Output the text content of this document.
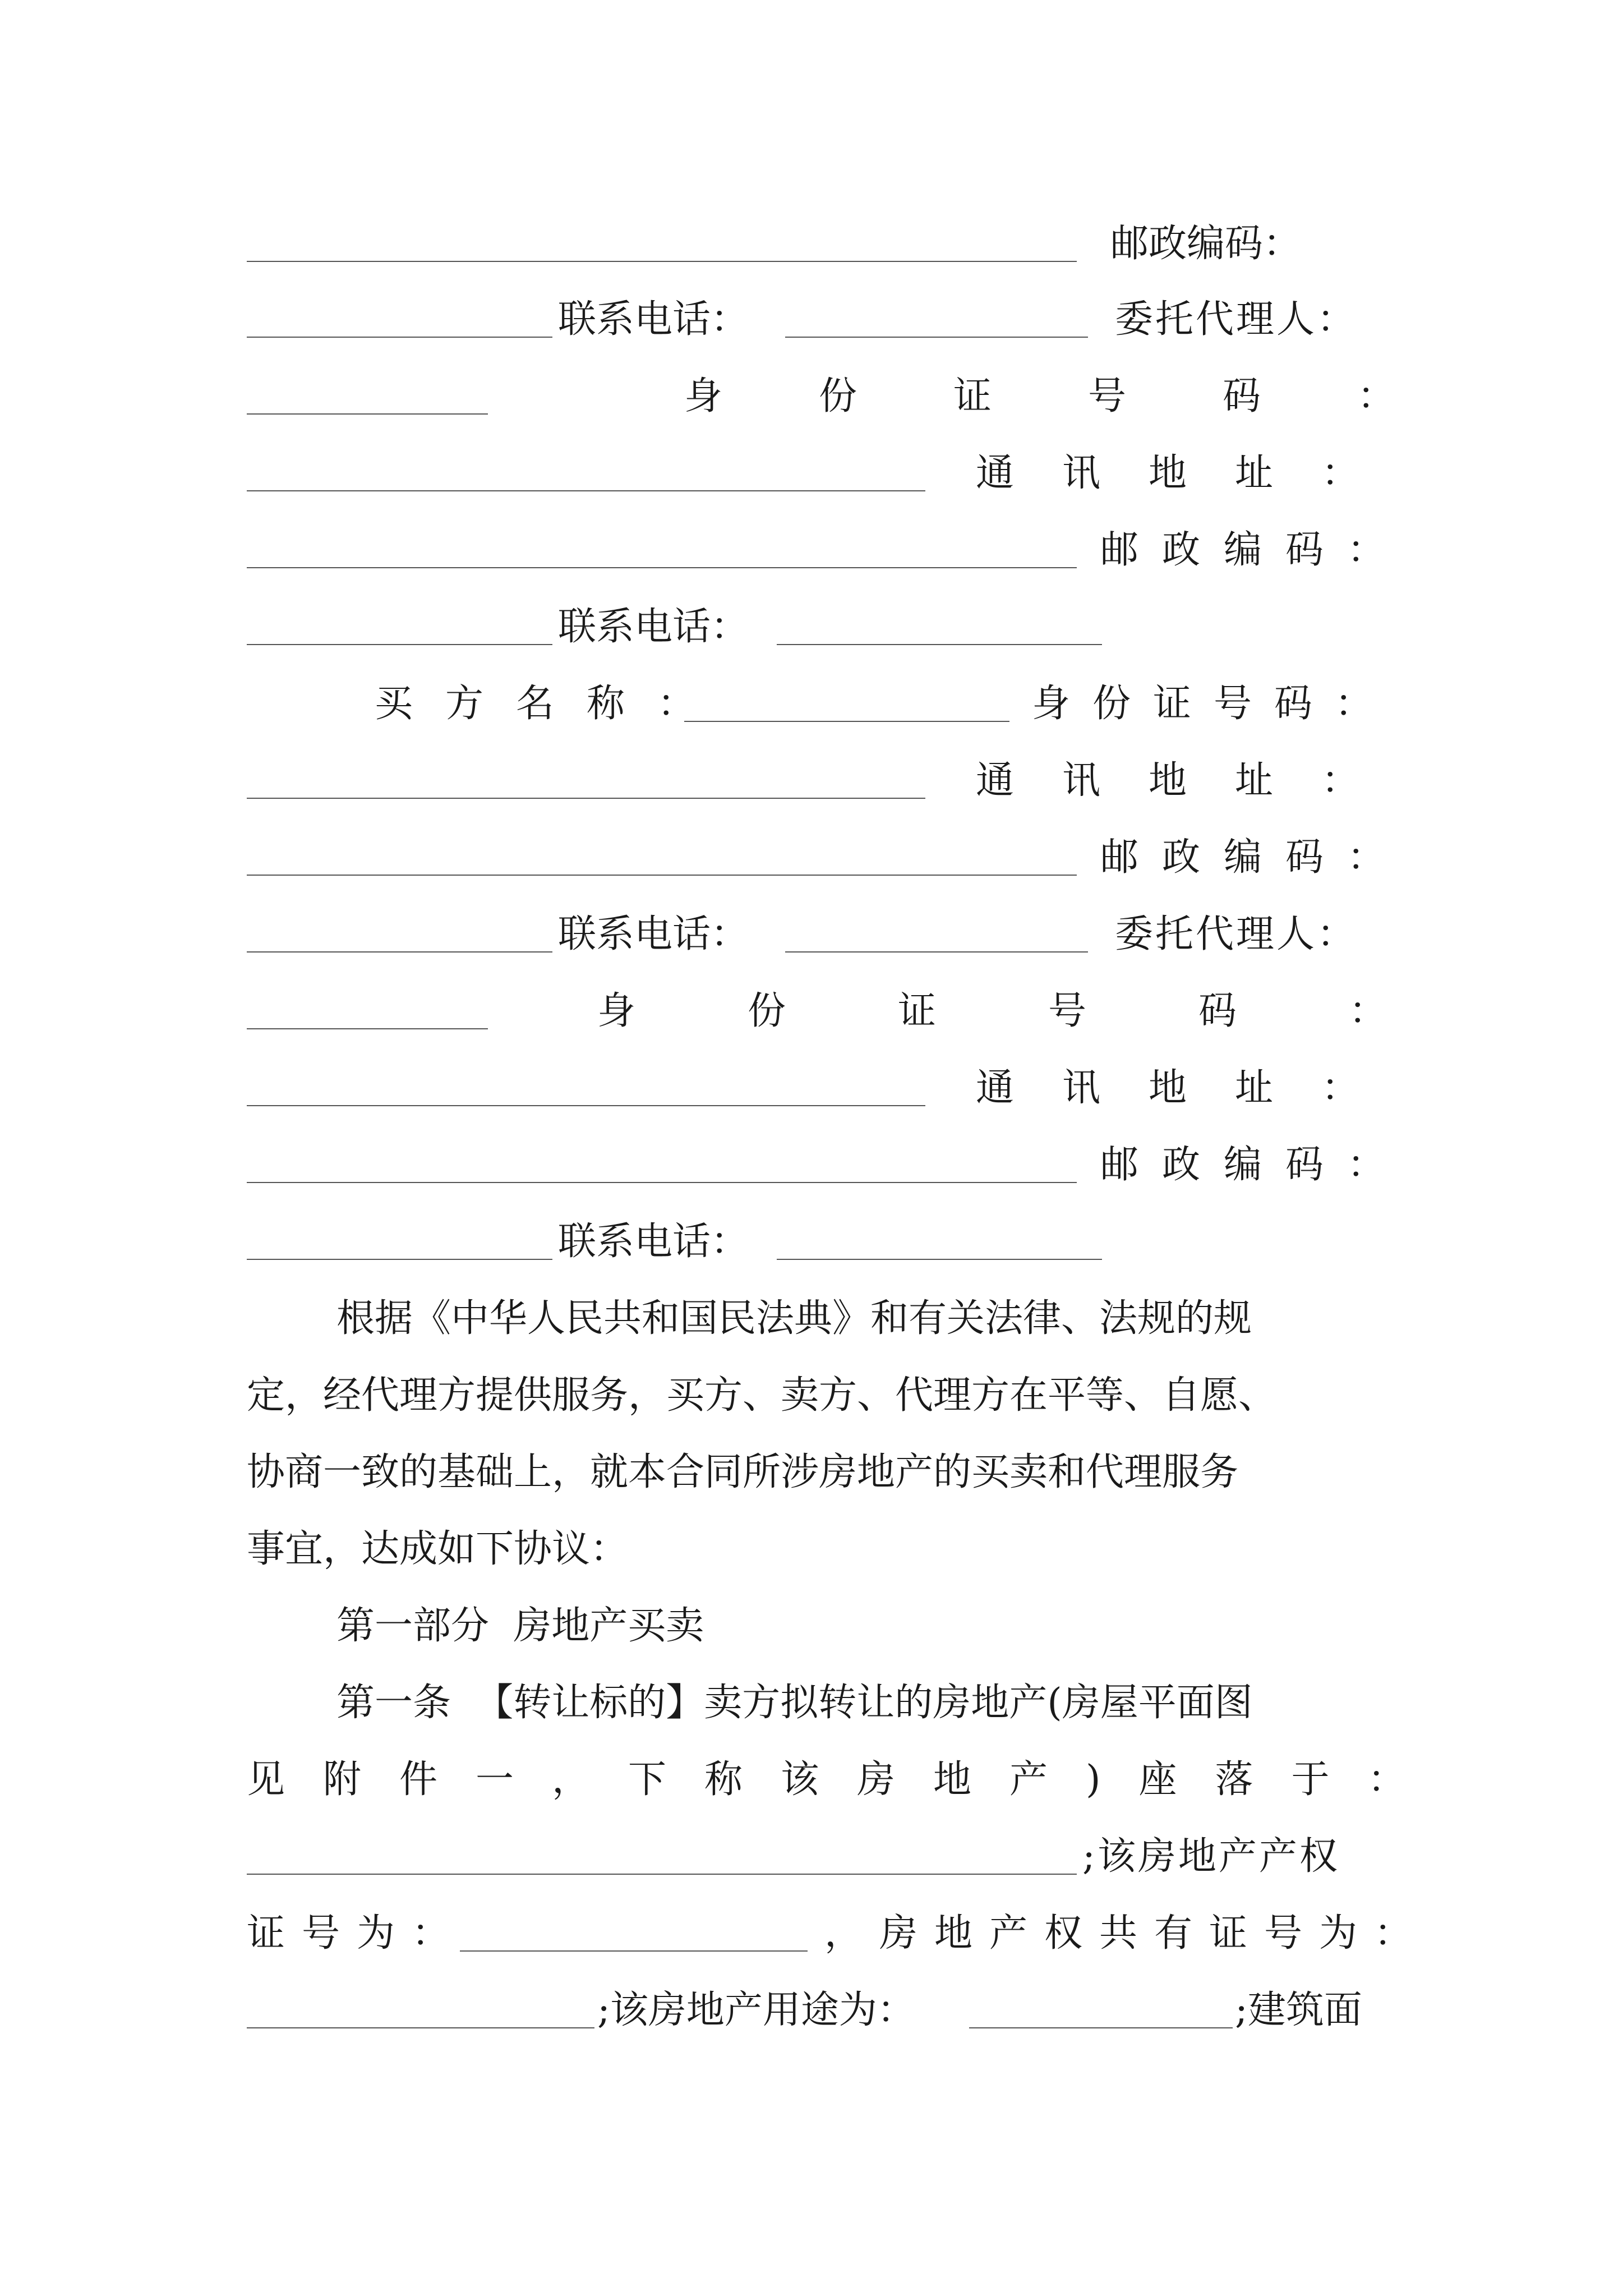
邮政编码：
联系电话：	委托代理人：
身份证号码：
通讯地址：
邮政编码：
联系电话：
买方名称：	身份证号码：
通讯地址：
邮政编码：
联系电话：	委托代理人：
身份证号码：
通讯地址：
邮政编码：
联系电话：
根据《中华人民共和国民法典》和有关法律、法规的规
定，经代理方提供服务，买方、卖方、代理方在平等、自愿、
协商一致的基础上，就本合同所涉房地产的买卖和代理服务
事宜，达成如下协议：
第一部分  房地产买卖
第一条  【转让标的】卖方拟转让的房地产(房屋平面图
见附件一，下称该房地产)座落于：
;该房地产产权
证号为：	，房地产权共有证号为：
;该房地产用途为：	;建筑面
